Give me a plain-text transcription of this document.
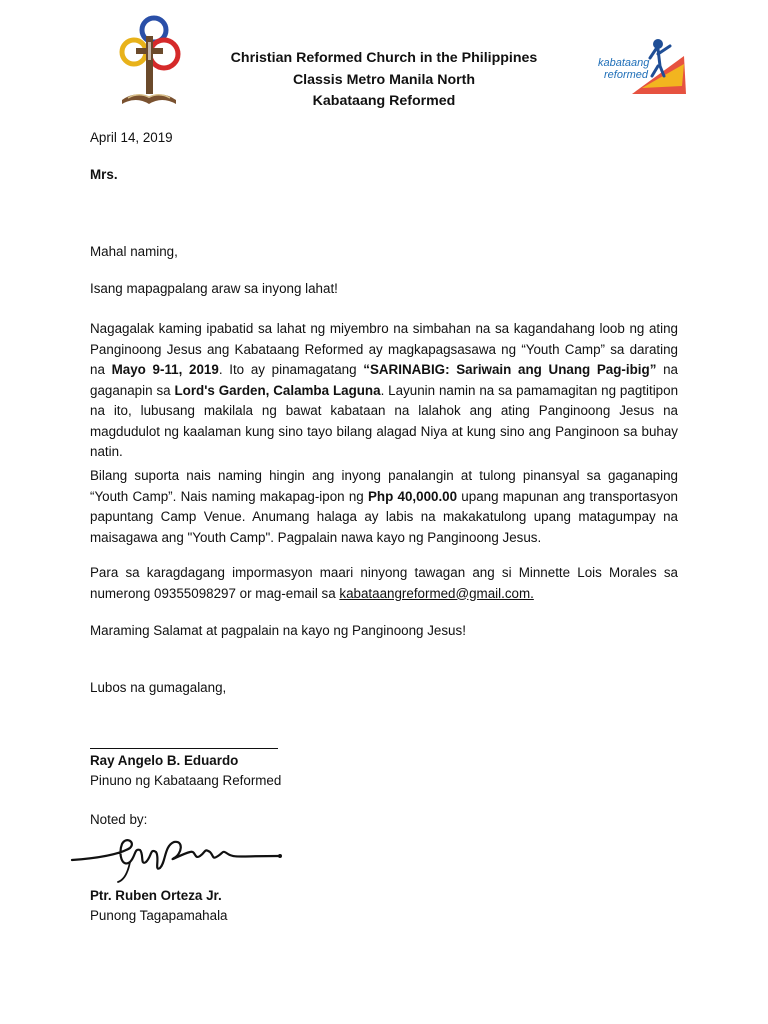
Christian Reformed Church in the Philippines
Classis Metro Manila North
Kabataang Reformed
kabataang
reformed
April 14, 2019
Mrs.
Mahal naming,
Isang mapagpalang araw sa inyong lahat!

Nagagalak kaming ipabatid sa lahat ng miyembro na simbahan na sa kagandahang loob ng ating Panginoong Jesus ang Kabataang Reformed ay magkapagsasawa ng “Youth Camp” sa darating na Mayo 9-11, 2019. Ito ay pinamagatang “SARINABIG: Sariwain ang Unang Pag-ibig” na gaganapin sa Lord's Garden, Calamba Laguna. Layunin namin na sa pamamagitan ng pagtitipon na ito, lubusang makilala ng bawat kabataan na lalahok ang ating Panginoong Jesus na magdudulot ng kaalaman kung sino tayo bilang alagad Niya at kung sino ang Panginoon sa buhay natin.

Bilang suporta nais naming hingin ang inyong panalangin at tulong pinansyal sa gaganaping “Youth Camp”. Nais naming makapag-ipon ng Php 40,000.00 upang mapunan ang transportasyon papuntang Camp Venue. Anumang halaga ay labis na makakatulong upang matagumpay na maisagawa ang "Youth Camp". Pagpalain nawa kayo ng Panginoong Jesus.

Para sa karagdagang impormasyon maari ninyong tawagan ang si Minnette Lois Morales sa numerong 09355098297 or mag-email sa kabataangreformed@gmail.com.

Maraming Salamat at pagpalain na kayo ng Panginoong Jesus!
Lubos na gumagalang,
Ray Angelo B. Eduardo
Pinuno ng Kabataang Reformed
Noted by:
Ptr. Ruben Orteza Jr.
Punong Tagapamahala
